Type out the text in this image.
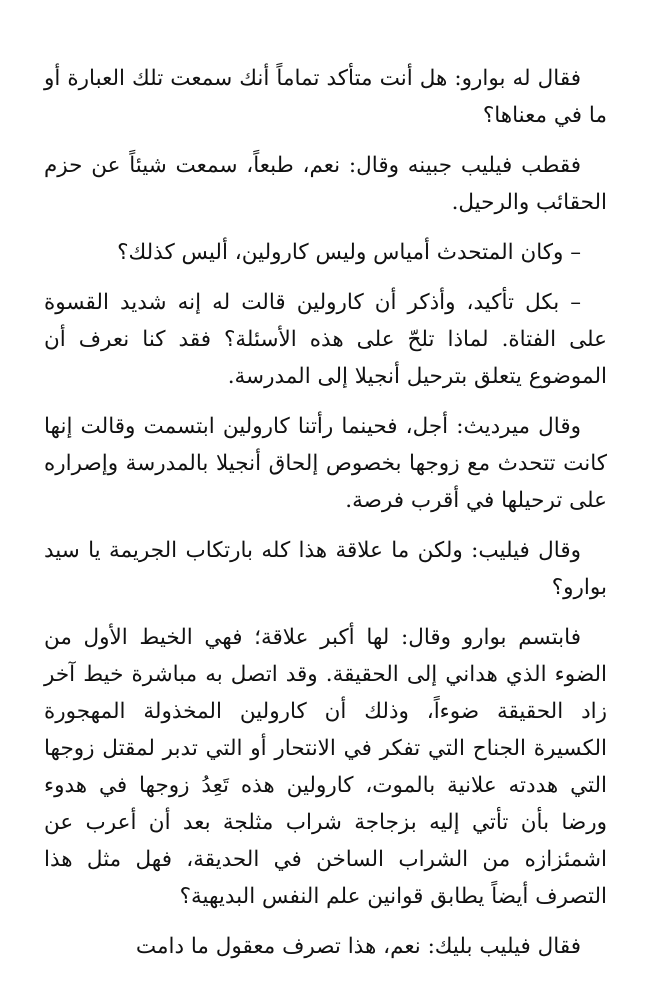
فقال له بوارو: هل أنت متأكد تماماً أنك سمعت تلك العبارة أو ما في معناها؟

فقطب فيليب جبينه وقال: نعم، طبعاً، سمعت شيئاً عن حزم الحقائب والرحيل.

– وكان المتحدث أمياس وليس كارولين، أليس كذلك؟

– بكل تأكيد، وأذكر أن كارولين قالت له إنه شديد القسوة على الفتاة. لماذا تلحّ على هذه الأسئلة؟ فقد كنا نعرف أن الموضوع يتعلق بترحيل أنجيلا إلى المدرسة.

وقال ميرديث: أجل، فحينما رأتنا كارولين ابتسمت وقالت إنها كانت تتحدث مع زوجها بخصوص إلحاق أنجيلا بالمدرسة وإصراره على ترحيلها في أقرب فرصة.

وقال فيليب: ولكن ما علاقة هذا كله بارتكاب الجريمة يا سيد بوارو؟

فابتسم بوارو وقال: لها أكبر علاقة؛ فهي الخيط الأول من الضوء الذي هداني إلى الحقيقة. وقد اتصل به مباشرة خيط آخر زاد الحقيقة ضوءاً، وذلك أن كارولين المخذولة المهجورة الكسيرة الجناح التي تفكر في الانتحار أو التي تدبر لمقتل زوجها التي هددته علانية بالموت، كارولين هذه تَعِدُ زوجها في هدوء ورضا بأن تأتي إليه بزجاجة شراب مثلجة بعد أن أعرب عن اشمئزازه من الشراب الساخن في الحديقة، فهل مثل هذا التصرف أيضاً يطابق قوانين علم النفس البديهية؟

فقال فيليب بليك: نعم، هذا تصرف معقول ما دامت
